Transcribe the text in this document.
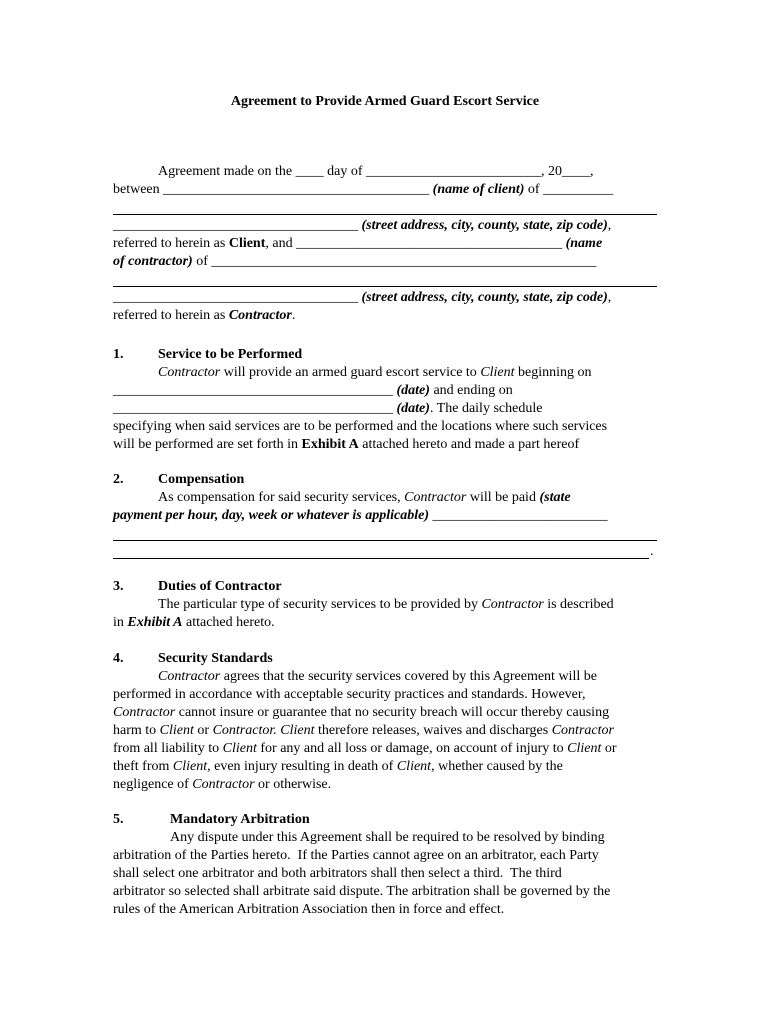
Agreement to Provide Armed Guard Escort Service
Agreement made on the ____ day of _________________________, 20____,
between ______________________________________ (name of client) of __________
___________________________________ (street address, city, county, state, zip code),
referred to herein as Client, and ______________________________________ (name
of contractor) of _______________________________________________________
___________________________________ (street address, city, county, state, zip code),
referred to herein as Contractor.
1. Service to be Performed
Contractor will provide an armed guard escort service to Client beginning on
________________________________________ (date) and ending on
________________________________________ (date). The daily schedule
specifying when said services are to be performed and the locations where such services
will be performed are set forth in Exhibit A attached hereto and made a part hereof
2. Compensation
As compensation for said security services, Contractor will be paid (state
payment per hour, day, week or whatever is applicable) _________________________
.
3. Duties of Contractor
The particular type of security services to be provided by Contractor is described
in Exhibit A attached hereto.
4. Security Standards
Contractor agrees that the security services covered by this Agreement will be
performed in accordance with acceptable security practices and standards. However,
Contractor cannot insure or guarantee that no security breach will occur thereby causing
harm to Client or Contractor. Client therefore releases, waives and discharges Contractor
from all liability to Client for any and all loss or damage, on account of injury to Client or
theft from Client, even injury resulting in death of Client, whether caused by the
negligence of Contractor or otherwise.
5.	Mandatory Arbitration
Any dispute under this Agreement shall be required to be resolved by binding
arbitration of the Parties hereto.  If the Parties cannot agree on an arbitrator, each Party
shall select one arbitrator and both arbitrators shall then select a third.  The third
arbitrator so selected shall arbitrate said dispute. The arbitration shall be governed by the
rules of the American Arbitration Association then in force and effect.
